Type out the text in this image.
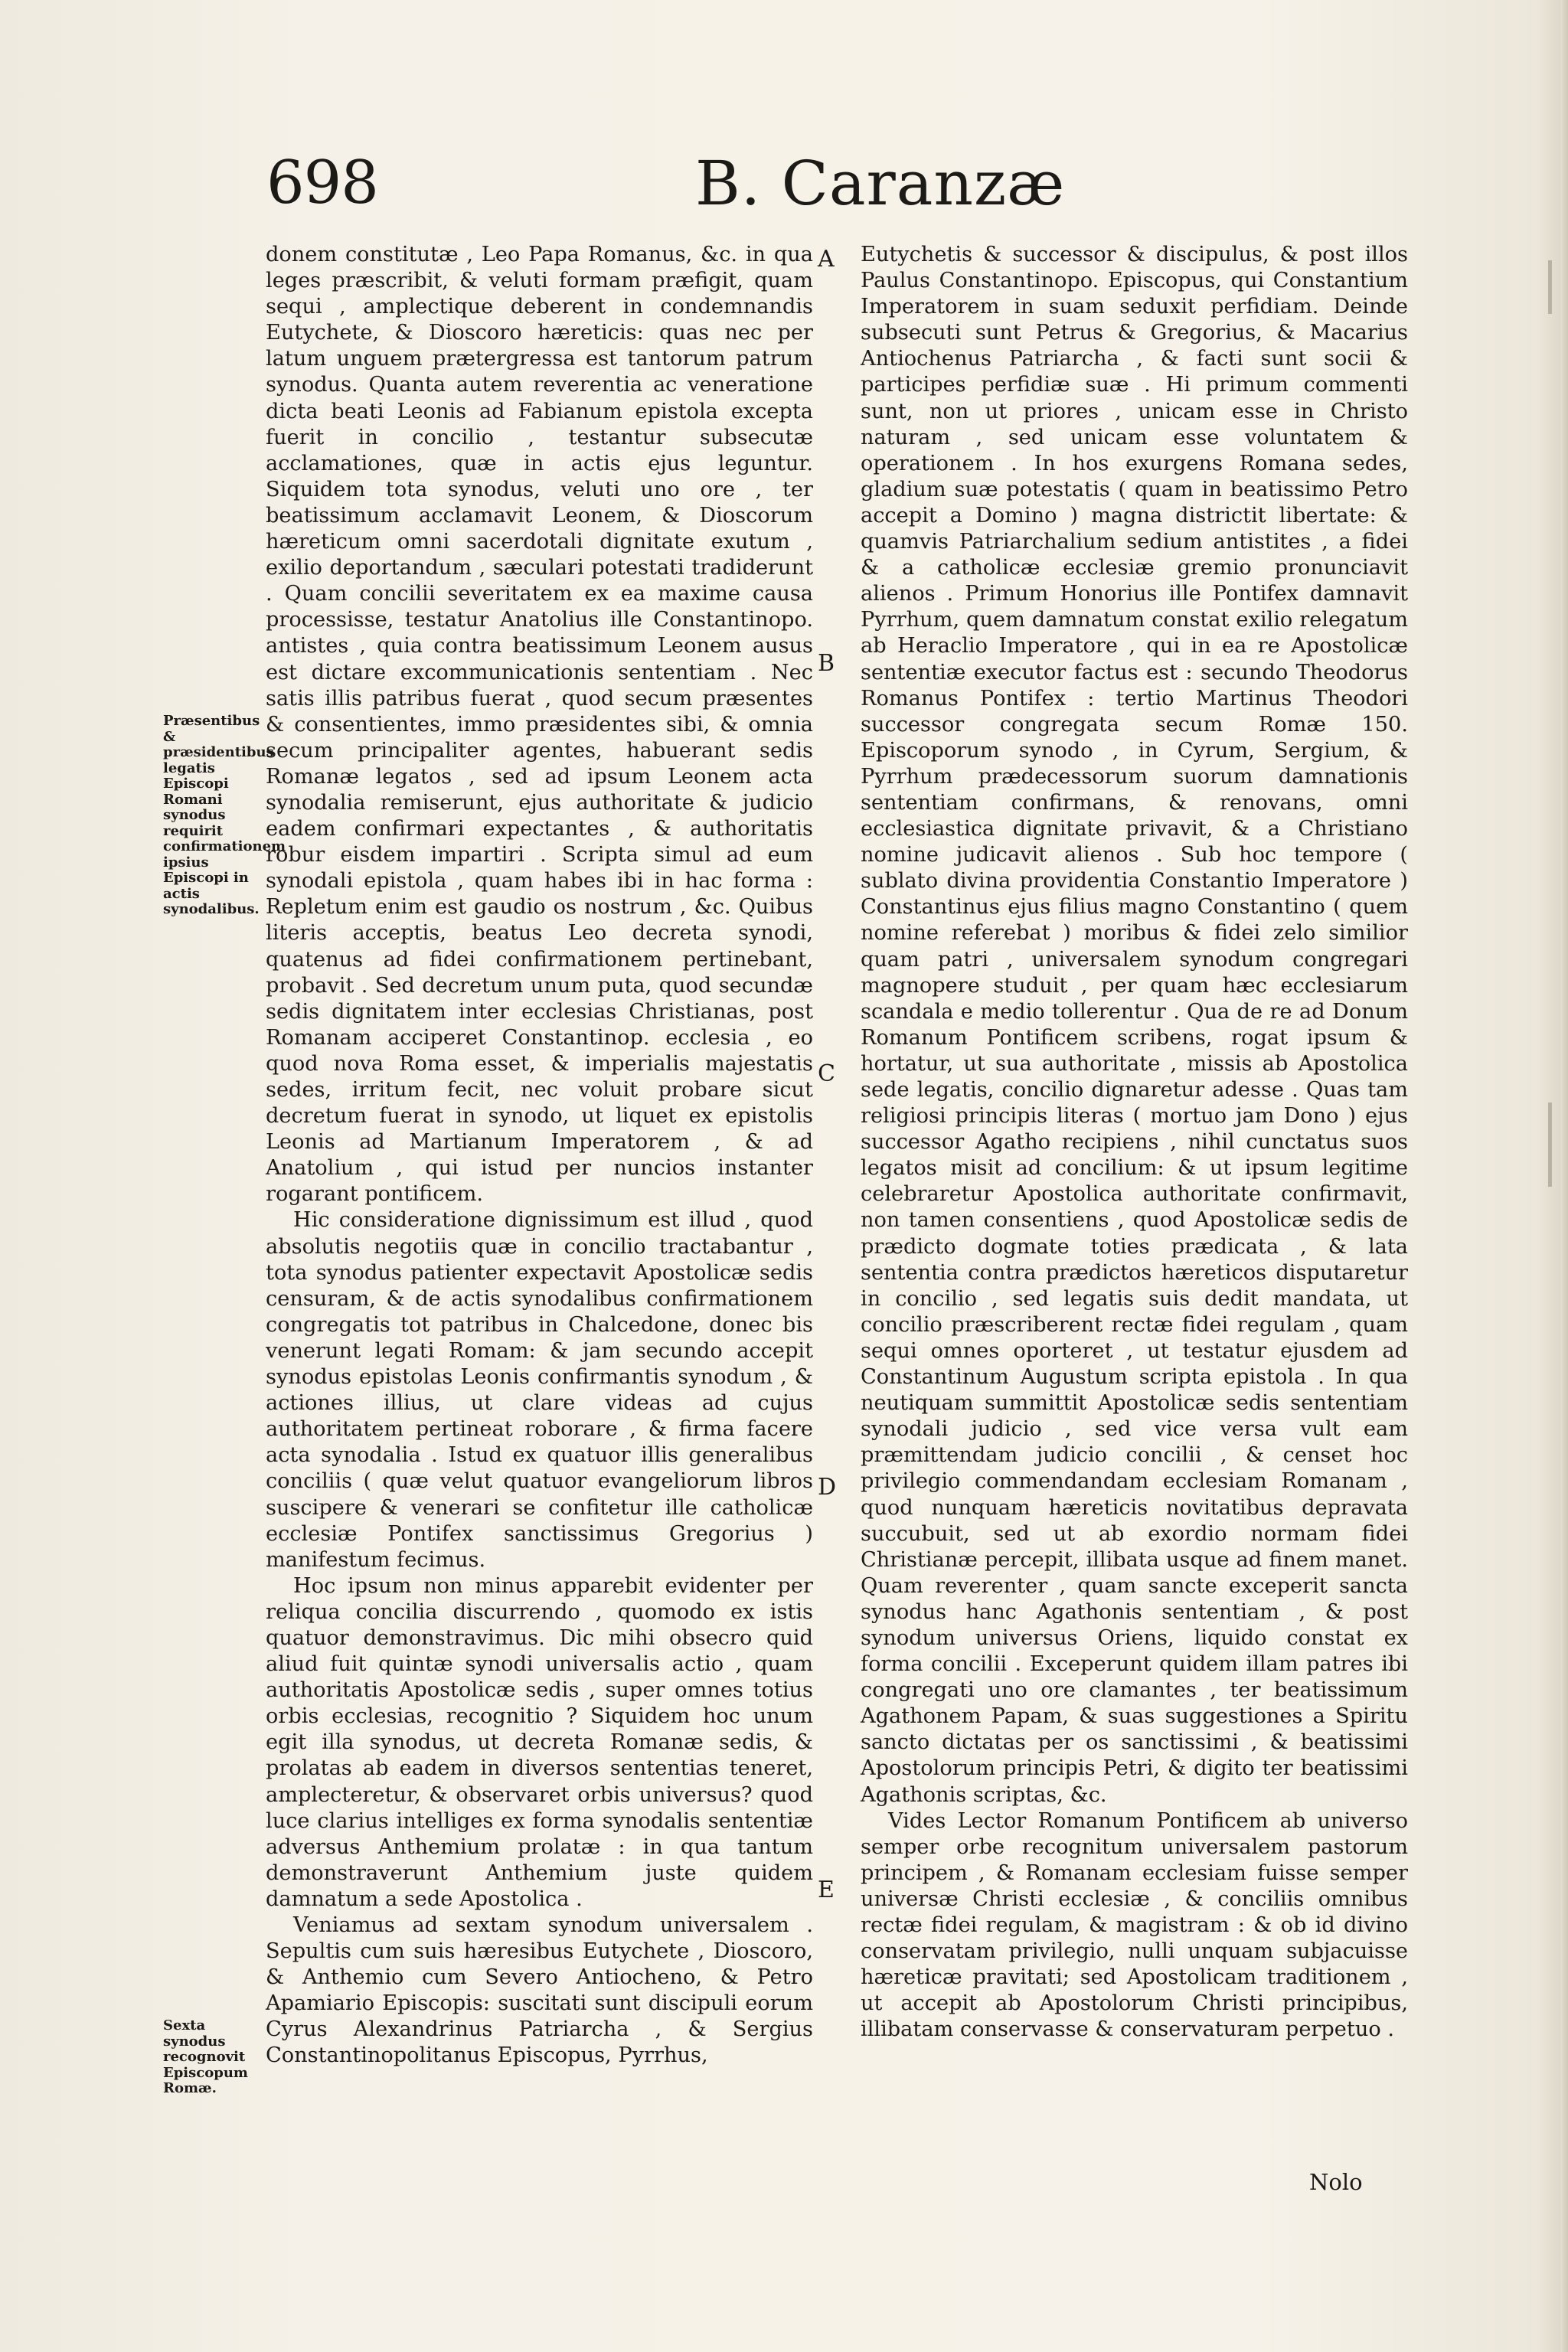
698	B. Caranzæ
Præsentibus & præsidentibus legatis Episcopi Romani synodus requirit confirmationem ipsius Episcopi in actis synodalibus.
Sexta synodus recognovit Episcopum Romæ.
A
B
C
D
E

donem constitutæ , Leo Papa Romanus, &c. in qua leges præscribit, & veluti formam præfigit, quam sequi , amplectique deberent in condemnandis Eutychete, & Dioscoro hæreticis: quas nec per latum unguem prætergressa est tantorum patrum synodus. Quanta autem reverentia ac veneratione dicta beati Leonis ad Fabianum epistola excepta fuerit in concilio , testantur subsecutæ acclamationes, quæ in actis ejus leguntur. Siquidem tota synodus, veluti uno ore , ter beatissimum acclamavit Leonem, & Dioscorum hæreticum omni sacerdotali dignitate exutum , exilio deportandum , sæculari potestati tradiderunt . Quam concilii severitatem ex ea maxime causa processisse, testatur Anatolius ille Constantinopo. antistes , quia contra beatissimum Leonem ausus est dictare excommunicationis sententiam . Nec satis illis patribus fuerat , quod secum præsentes & consentientes, immo præsidentes sibi, & omnia secum principaliter agentes, habuerant sedis Romanæ legatos , sed ad ipsum Leonem acta synodalia remiserunt, ejus authoritate & judicio eadem confirmari expectantes , & authoritatis robur eisdem impartiri . Scripta simul ad eum synodali epistola , quam habes ibi in hac forma : Repletum enim est gaudio os nostrum , &c. Quibus literis acceptis, beatus Leo decreta synodi, quatenus ad fidei confirmationem pertinebant, probavit . Sed decretum unum puta, quod secundæ sedis dignitatem inter ecclesias Christianas, post Romanam acciperet Constantinop. ecclesia , eo quod nova Roma esset, & imperialis majestatis sedes, irritum fecit, nec voluit probare sicut decretum fuerat in synodo, ut liquet ex epistolis Leonis ad Martianum Imperatorem , & ad Anatolium , qui istud per nuncios instanter rogarant pontificem.

Hic consideratione dignissimum est illud , quod absolutis negotiis quæ in concilio tractabantur , tota synodus patienter expectavit Apostolicæ sedis censuram, & de actis synodalibus confirmationem congregatis tot patribus in Chalcedone, donec bis venerunt legati Romam: & jam secundo accepit synodus epistolas Leonis confirmantis synodum , & actiones illius, ut clare videas ad cujus authoritatem pertineat roborare , & firma facere acta synodalia . Istud ex quatuor illis generalibus conciliis ( quæ velut quatuor evangeliorum libros suscipere & venerari se confitetur ille catholicæ ecclesiæ Pontifex sanctissimus Gregorius ) manifestum fecimus.

Hoc ipsum non minus apparebit evidenter per reliqua concilia discurrendo , quomodo ex istis quatuor demonstravimus. Dic mihi obsecro quid aliud fuit quintæ synodi universalis actio , quam authoritatis Apostolicæ sedis , super omnes totius orbis ecclesias, recognitio ? Siquidem hoc unum egit illa synodus, ut decreta Romanæ sedis, & prolatas ab eadem in diversos sententias teneret, amplecteretur, & observaret orbis universus? quod luce clarius intelliges ex forma synodalis sententiæ adversus Anthemium prolatæ : in qua tantum demonstraverunt Anthemium juste quidem damnatum a sede Apostolica .

Veniamus ad sextam synodum universalem . Sepultis cum suis hæresibus Eutychete , Dioscoro, & Anthemio cum Severo Antiocheno, & Petro Apamiario Episcopis: suscitati sunt discipuli eorum Cyrus Alexandrinus Patriarcha , & Sergius Constantinopolitanus Episcopus, Pyrrhus,

Eutychetis & successor & discipulus, & post illos Paulus Constantinopo. Episcopus, qui Constantium Imperatorem in suam seduxit perfidiam. Deinde subsecuti sunt Petrus & Gregorius, & Macarius Antiochenus Patriarcha , & facti sunt socii & participes perfidiæ suæ . Hi primum commenti sunt, non ut priores , unicam esse in Christo naturam , sed unicam esse voluntatem & operationem . In hos exurgens Romana sedes, gladium suæ potestatis ( quam in beatissimo Petro accepit a Domino ) magna districtit libertate: & quamvis Patriarchalium sedium antistites , a fidei & a catholicæ ecclesiæ gremio pronunciavit alienos . Primum Honorius ille Pontifex damnavit Pyrrhum, quem damnatum constat exilio relegatum ab Heraclio Imperatore , qui in ea re Apostolicæ sententiæ executor factus est : secundo Theodorus Romanus Pontifex : tertio Martinus Theodori successor congregata secum Romæ 150. Episcoporum synodo , in Cyrum, Sergium, & Pyrrhum prædecessorum suorum damnationis sententiam confirmans, & renovans, omni ecclesiastica dignitate privavit, & a Christiano nomine judicavit alienos . Sub hoc tempore ( sublato divina providentia Constantio Imperatore ) Constantinus ejus filius magno Constantino ( quem nomine referebat ) moribus & fidei zelo similior quam patri , universalem synodum congregari magnopere studuit , per quam hæc ecclesiarum scandala e medio tollerentur . Qua de re ad Donum Romanum Pontificem scribens, rogat ipsum & hortatur, ut sua authoritate , missis ab Apostolica sede legatis, concilio dignaretur adesse . Quas tam religiosi principis literas ( mortuo jam Dono ) ejus successor Agatho recipiens , nihil cunctatus suos legatos misit ad concilium: & ut ipsum legitime celebraretur Apostolica authoritate confirmavit, non tamen consentiens , quod Apostolicæ sedis de prædicto dogmate toties prædicata , & lata sententia contra prædictos hæreticos disputaretur in concilio , sed legatis suis dedit mandata, ut concilio præscriberent rectæ fidei regulam , quam sequi omnes oporteret , ut testatur ejusdem ad Constantinum Augustum scripta epistola . In qua neutiquam summittit Apostolicæ sedis sententiam synodali judicio , sed vice versa vult eam præmittendam judicio concilii , & censet hoc privilegio commendandam ecclesiam Romanam , quod nunquam hæreticis novitatibus depravata succubuit, sed ut ab exordio normam fidei Christianæ percepit, illibata usque ad finem manet. Quam reverenter , quam sancte exceperit sancta synodus hanc Agathonis sententiam , & post synodum universus Oriens, liquido constat ex forma concilii . Exceperunt quidem illam patres ibi congregati uno ore clamantes , ter beatissimum Agathonem Papam, & suas suggestiones a Spiritu sancto dictatas per os sanctissimi , & beatissimi Apostolorum principis Petri, & digito ter beatissimi Agathonis scriptas, &c.

Vides Lector Romanum Pontificem ab universo semper orbe recognitum universalem pastorum principem , & Romanam ecclesiam fuisse semper universæ Christi ecclesiæ , & conciliis omnibus rectæ fidei regulam, & magistram : & ob id divino conservatam privilegio, nulli unquam subjacuisse hæreticæ pravitati; sed Apostolicam traditionem , ut accepit ab Apostolorum Christi principibus, illibatam conservasse & conservaturam perpetuo .

Nolo
